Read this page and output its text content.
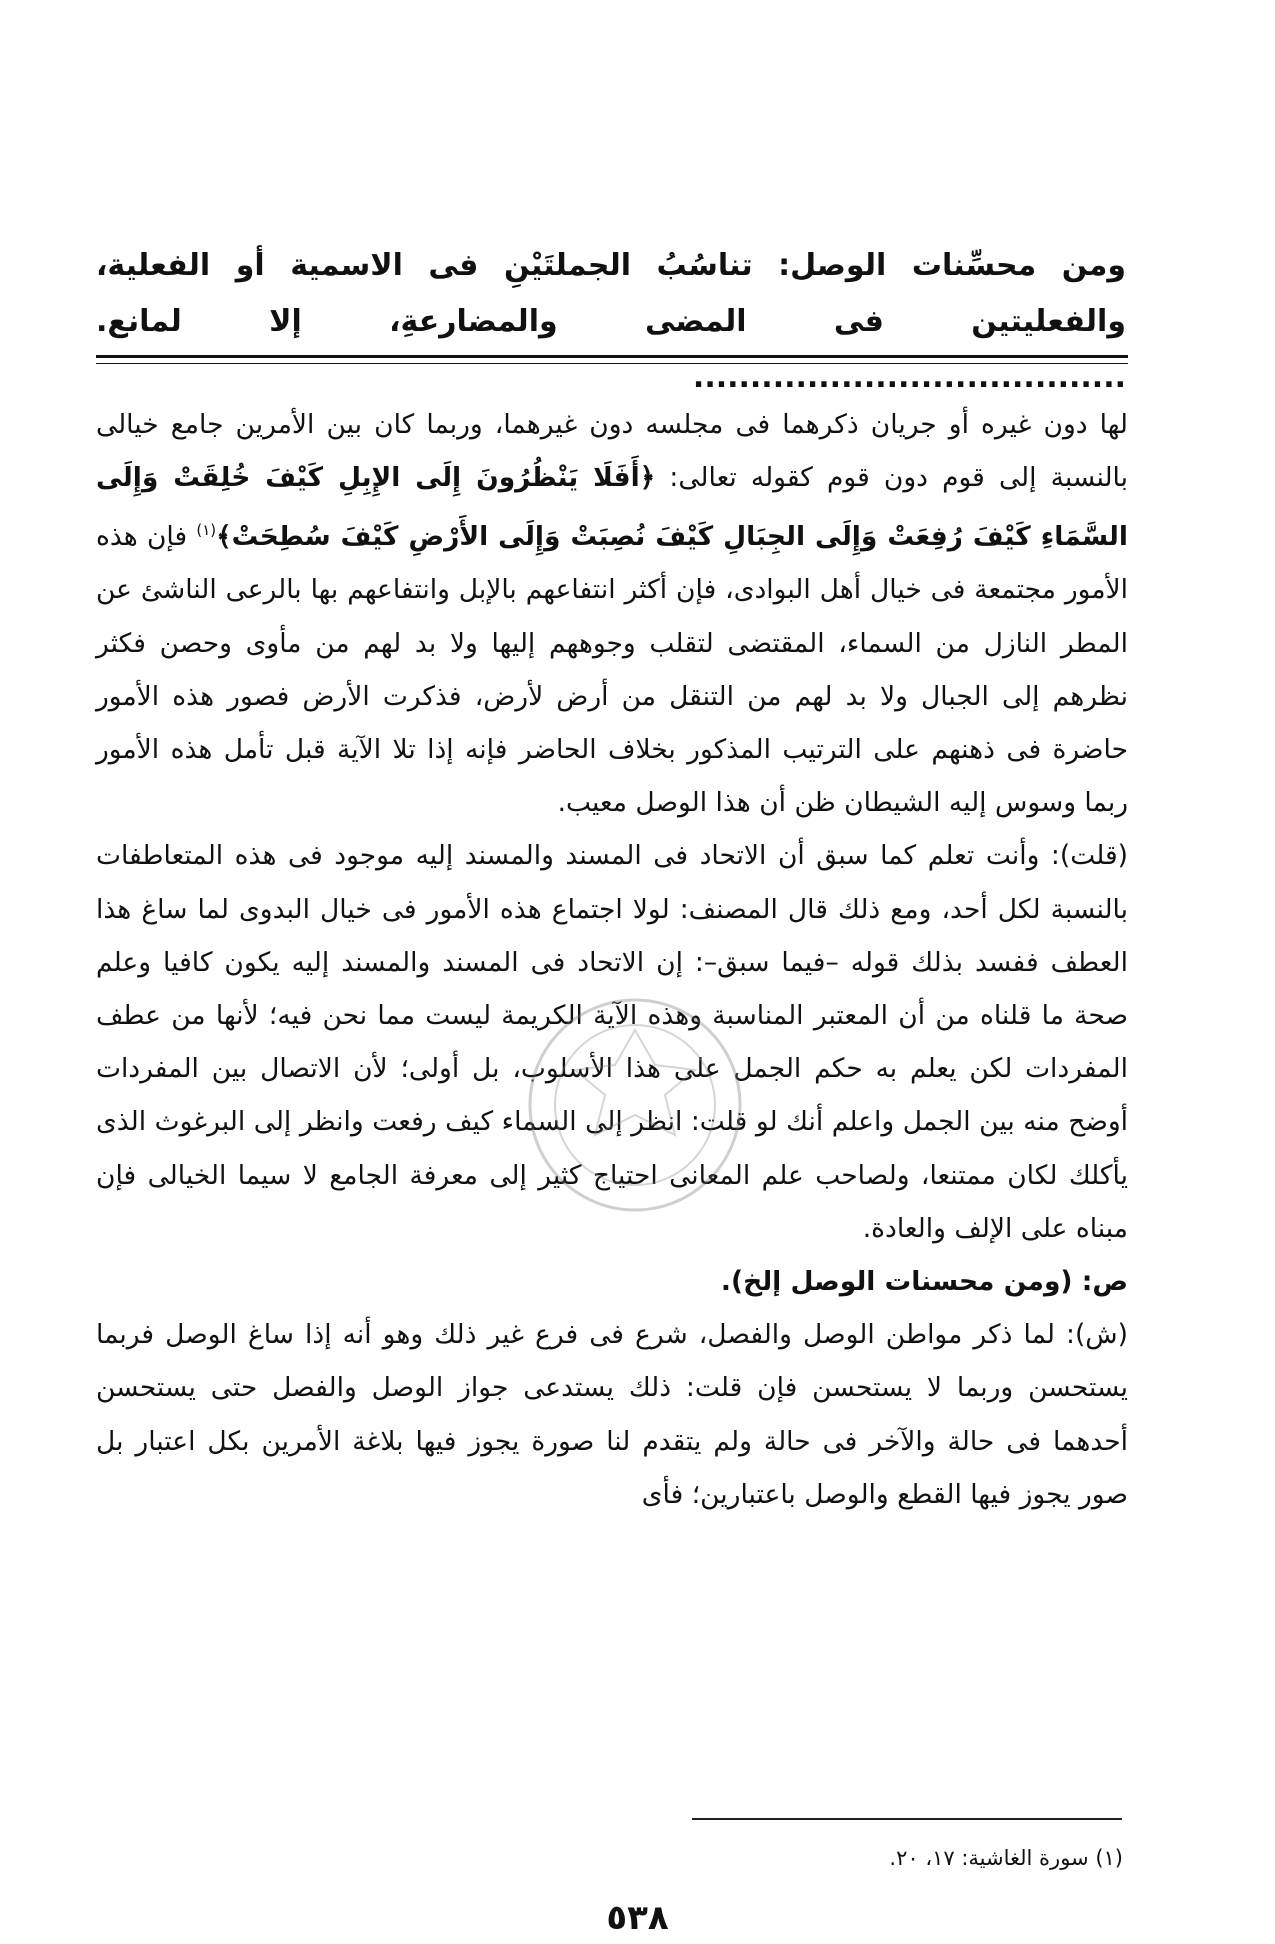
ومن محسِّنات الوصل: تناسُبُ الجملتَيْنِ فى الاسمية أو الفعلية، والفعليتين فى المضى والمضارعةِ، إلا لمانع. ......................................

لها دون غيره أو جريان ذكرهما فى مجلسه دون غيرهما، وربما كان بين الأمرين جامع خيالى بالنسبة إلى قوم دون قوم كقوله تعالى: ﴿أَفَلَا يَنْظُرُونَ إِلَى الإِبِلِ كَيْفَ خُلِقَتْ وَإِلَى السَّمَاءِ كَيْفَ رُفِعَتْ وَإِلَى الجِبَالِ كَيْفَ نُصِبَتْ وَإِلَى الأَرْضِ كَيْفَ سُطِحَتْ﴾$^{(١)}$ فإن هذه الأمور مجتمعة فى خيال أهل البوادى، فإن أكثر انتفاعهم بالإبل وانتفاعهم بها بالرعى الناشئ عن المطر النازل من السماء، المقتضى لتقلب وجوههم إليها ولا بد لهم من مأوى وحصن فكثر نظرهم إلى الجبال ولا بد لهم من التنقل من أرض لأرض، فذكرت الأرض فصور هذه الأمور حاضرة فى ذهنهم على الترتيب المذكور بخلاف الحاضر فإنه إذا تلا الآية قبل تأمل هذه الأمور ربما وسوس إليه الشيطان ظن أن هذا الوصل معيب.

(قلت): وأنت تعلم كما سبق أن الاتحاد فى المسند والمسند إليه موجود فى هذه المتعاطفات بالنسبة لكل أحد، ومع ذلك قال المصنف: لولا اجتماع هذه الأمور فى خيال البدوى لما ساغ هذا العطف ففسد بذلك قوله –فيما سبق–: إن الاتحاد فى المسند والمسند إليه يكون كافيا وعلم صحة ما قلناه من أن المعتبر المناسبة وهذه الآية الكريمة ليست مما نحن فيه؛ لأنها من عطف المفردات لكن يعلم به حكم الجمل على هذا الأسلوب، بل أولى؛ لأن الاتصال بين المفردات أوضح منه بين الجمل واعلم أنك لو قلت: انظر إلى السماء كيف رفعت وانظر إلى البرغوث الذى يأكلك لكان ممتنعا، ولصاحب علم المعانى احتياج كثير إلى معرفة الجامع لا سيما الخيالى فإن مبناه على الإلف والعادة.

ص: (ومن محسنات الوصل إلخ).

(ش): لما ذكر مواطن الوصل والفصل، شرع فى فرع غير ذلك وهو أنه إذا ساغ الوصل فربما يستحسن وربما لا يستحسن فإن قلت: ذلك يستدعى جواز الوصل والفصل حتى يستحسن أحدهما فى حالة والآخر فى حالة ولم يتقدم لنا صورة يجوز فيها بلاغة الأمرين بكل اعتبار بل صور يجوز فيها القطع والوصل باعتبارين؛ فأى

(١) سورة الغاشية: ١٧، ٢٠.
٥٣٨
